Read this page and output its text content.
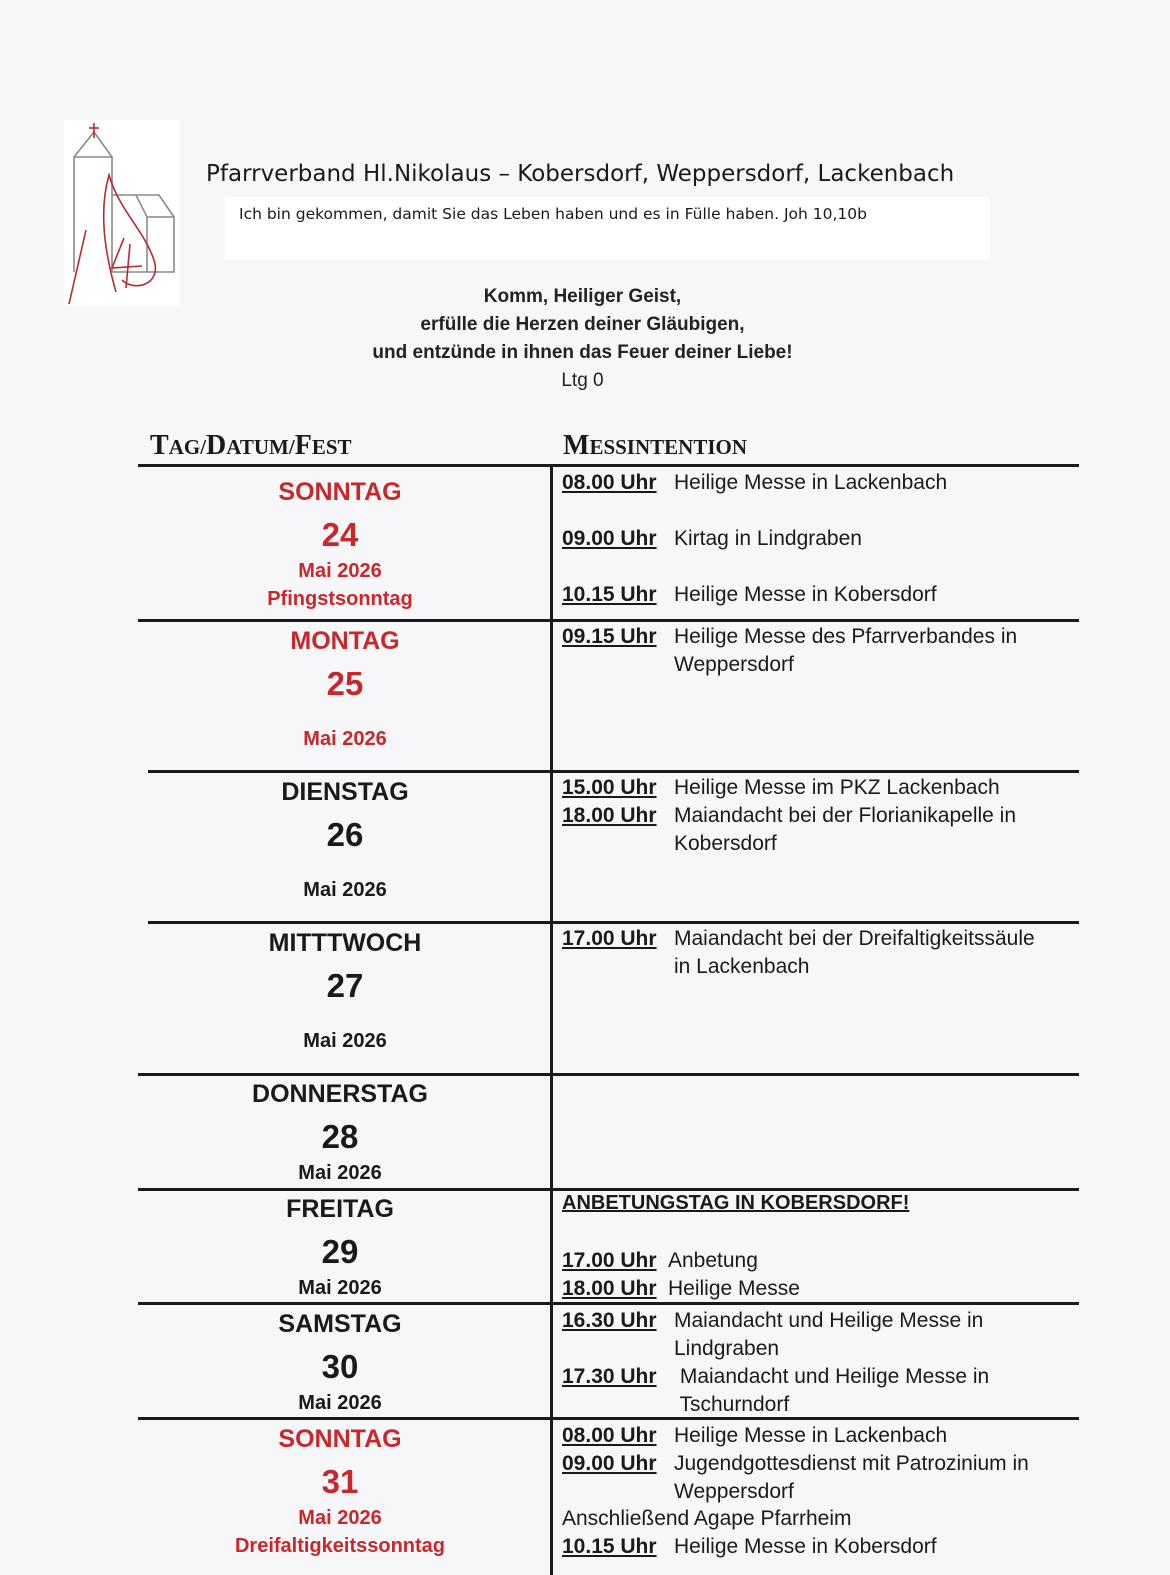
Pfarrverband Hl.Nikolaus – Kobersdorf, Weppersdorf, Lackenbach
Ich bin gekommen, damit Sie das Leben haben und es in Fülle haben. Joh 10,10b
Komm, Heiliger Geist,
erfülle die Herzen deiner Gläubigen,
und entzünde in ihnen das Feuer deiner Liebe!
Ltg 0
TAG/DATUM/FEST	MESSINTENTION
SONNTAG
24
Mai 2026
Pfingstsonntag
MONTAG
25
Mai 2026
DIENSTAG
26
Mai 2026
MITTTWOCH
27
Mai 2026
DONNERSTAG
28
Mai 2026
FREITAG
29
Mai 2026
SAMSTAG
30
Mai 2026
SONNTAG
31
Mai 2026
Dreifaltigkeitssonntag
08.00 Uhr Heilige Messe in Lackenbach
09.00 Uhr Kirtag in Lindgraben
10.15 Uhr Heilige Messe in Kobersdorf
09.15 Uhr Heilige Messe des Pfarrverbandes in
Weppersdorf
15.00 Uhr Heilige Messe im PKZ Lackenbach
18.00 Uhr Maiandacht bei der Florianikapelle in
Kobersdorf
17.00 Uhr Maiandacht bei der Dreifaltigkeitssäule
in Lackenbach
ANBETUNGSTAG IN KOBERSDORF!
17.00 Uhr Anbetung
18.00 Uhr Heilige Messe
16.30 Uhr Maiandacht und Heilige Messe in
Lindgraben
17.30 Uhr Maiandacht und Heilige Messe in
Tschurndorf
08.00 Uhr Heilige Messe in Lackenbach
09.00 Uhr Jugendgottesdienst mit Patrozinium in
Weppersdorf
Anschließend Agape Pfarrheim
10.15 Uhr Heilige Messe in Kobersdorf
